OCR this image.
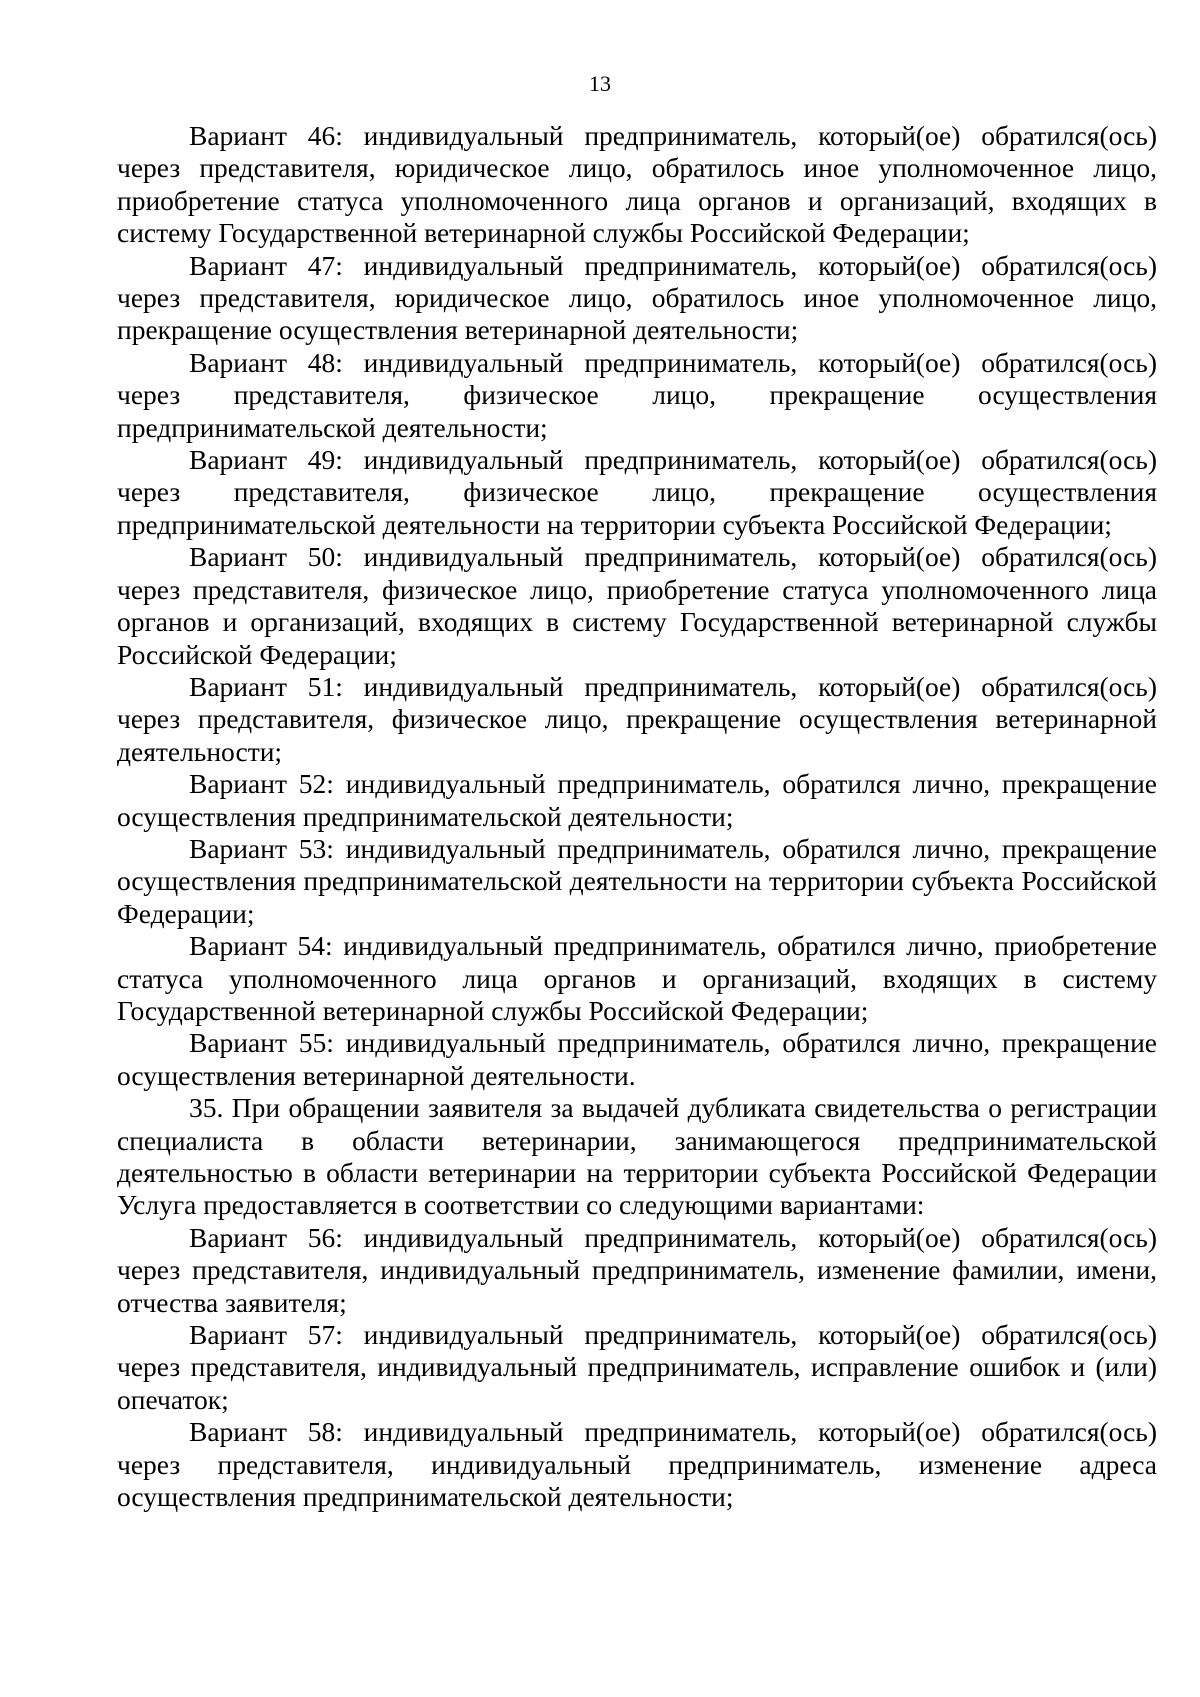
13

Вариант 46: индивидуальный предприниматель, который(ое) обратился(ось) через представителя, юридическое лицо, обратилось иное уполномоченное лицо, приобретение статуса уполномоченного лица органов и организаций, входящих в систему Государственной ветеринарной службы Российской Федерации;

Вариант 47: индивидуальный предприниматель, который(ое) обратился(ось) через представителя, юридическое лицо, обратилось иное уполномоченное лицо, прекращение осуществления ветеринарной деятельности;

Вариант 48: индивидуальный предприниматель, который(ое) обратился(ось) через представителя, физическое лицо, прекращение осуществления предпринимательской деятельности;

Вариант 49: индивидуальный предприниматель, который(ое) обратился(ось) через представителя, физическое лицо, прекращение осуществления предпринимательской деятельности на территории субъекта Российской Федерации;

Вариант 50: индивидуальный предприниматель, который(ое) обратился(ось) через представителя, физическое лицо, приобретение статуса уполномоченного лица органов и организаций, входящих в систему Государственной ветеринарной службы Российской Федерации;

Вариант 51: индивидуальный предприниматель, который(ое) обратился(ось) через представителя, физическое лицо, прекращение осуществления ветеринарной деятельности;

Вариант 52: индивидуальный предприниматель, обратился лично, прекращение осуществления предпринимательской деятельности;

Вариант 53: индивидуальный предприниматель, обратился лично, прекращение осуществления предпринимательской деятельности на территории субъекта Российской Федерации;

Вариант 54: индивидуальный предприниматель, обратился лично, приобретение статуса уполномоченного лица органов и организаций, входящих в систему Государственной ветеринарной службы Российской Федерации;

Вариант 55: индивидуальный предприниматель, обратился лично, прекращение осуществления ветеринарной деятельности.

35. При обращении заявителя за выдачей дубликата свидетельства о регистрации специалиста в области ветеринарии, занимающегося предпринимательской деятельностью в области ветеринарии на территории субъекта Российской Федерации Услуга предоставляется в соответствии со следующими вариантами:

Вариант 56: индивидуальный предприниматель, который(ое) обратился(ось) через представителя, индивидуальный предприниматель, изменение фамилии, имени, отчества заявителя;

Вариант 57: индивидуальный предприниматель, который(ое) обратился(ось) через представителя, индивидуальный предприниматель, исправление ошибок и (или) опечаток;

Вариант 58: индивидуальный предприниматель, который(ое) обратился(ось) через представителя, индивидуальный предприниматель, изменение адреса осуществления предпринимательской деятельности;
